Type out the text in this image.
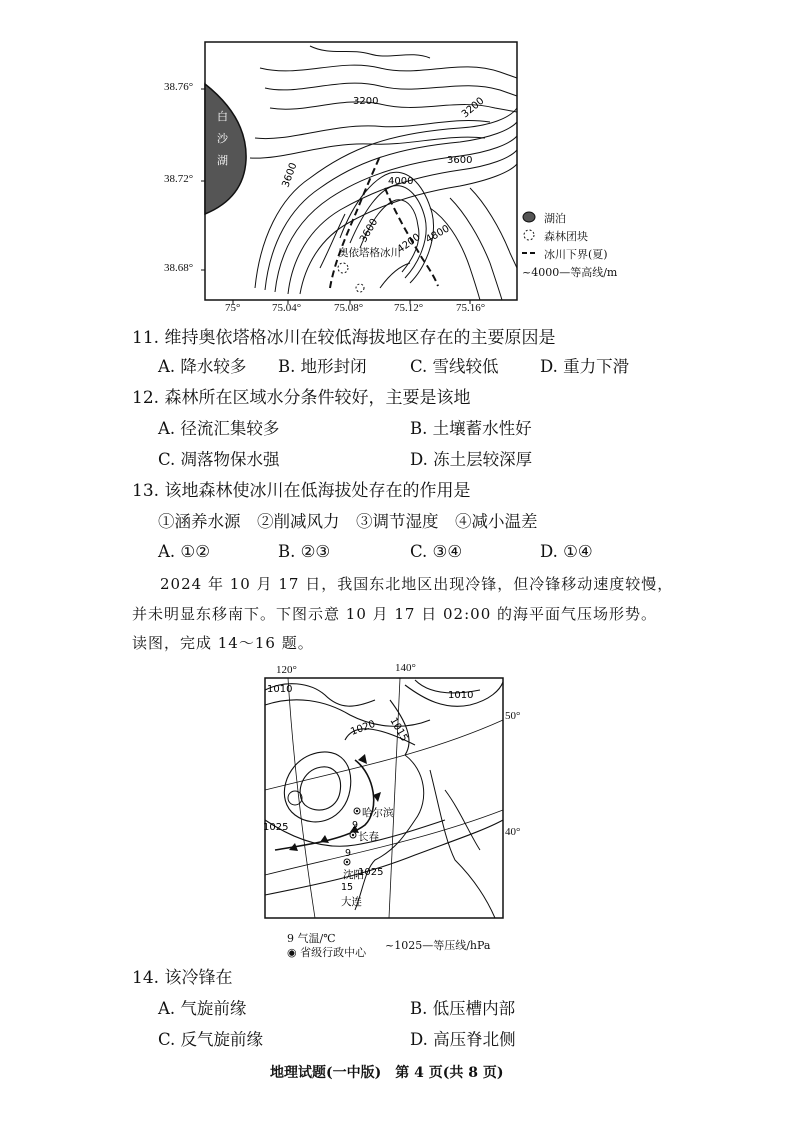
白
沙
湖
3200	3200
3600
3600	4000
3600	4800
4200
奥依塔格冰川
38.76°
38.72°
38.68°
75°	75.04°	75.08°	75.12°	75.16°
湖泊
森林团块
冰川下界(夏)
~4000—等高线/m
11. 维持奥依塔格冰川在较低海拔地区存在的主要原因是
A. 降水较多 B. 地形封闭	C. 雪线较低	D. 重力下滑
12. 森林所在区域水分条件较好，主要是该地
A. 径流汇集较多	B. 土壤蓄水性好
C. 凋落物保水强	D. 冻土层较深厚
13. 该地森林使冰川在低海拔处存在的作用是
①涵养水源　②削减风力　③调节湿度　④减小温差
A. ①②	B. ②③	C. ③④	D. ①④
2024 年 10 月 17 日，我国东北地区出现冷锋，但冷锋移动速度较慢，
并未明显东移南下。下图示意 10 月 17 日 02:00 的海平面气压场形势。
读图，完成 14～16 题。
1010
1010
1020 1015
1025
1025
哈尔滨
9
长春
9
沈阳
15
大连
120°	140°
50°
40°
9 气温/℃
◉ 省级行政中心
~1025—等压线/hPa
14. 该冷锋在
A. 气旋前缘	B. 低压槽内部
C. 反气旋前缘	D. 高压脊北侧
地理试题(一中版)　第 4 页(共 8 页)
